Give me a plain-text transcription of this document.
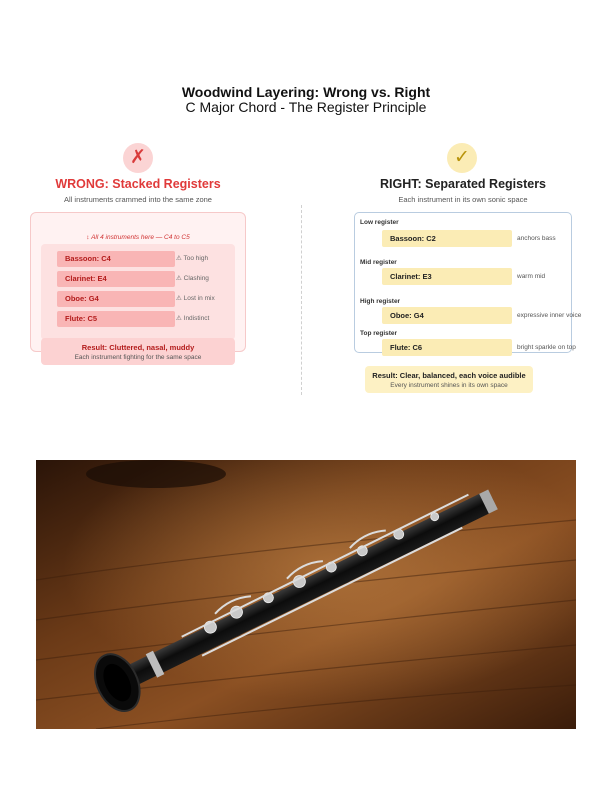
Woodwind Layering: Wrong vs. Right
C Major Chord - The Register Principle
✗
WRONG: Stacked Registers
All instruments crammed into the same zone
↕ All 4 instruments here — C4 to C5
Bassoon: C4	⚠ Too high
Clarinet: E4	⚠ Clashing
Oboe: G4	⚠ Lost in mix
Flute: C5	⚠ Indistinct
Result: Cluttered, nasal, muddy
Each instrument fighting for the same space
✓
RIGHT: Separated Registers
Each instrument in its own sonic space
Low register
Bassoon: C2	anchors bass
Mid register
Clarinet: E3	warm mid
High register
Oboe: G4	expressive inner voice
Top register
Flute: C6	bright sparkle on top
Result: Clear, balanced, each voice audible
Every instrument shines in its own space
